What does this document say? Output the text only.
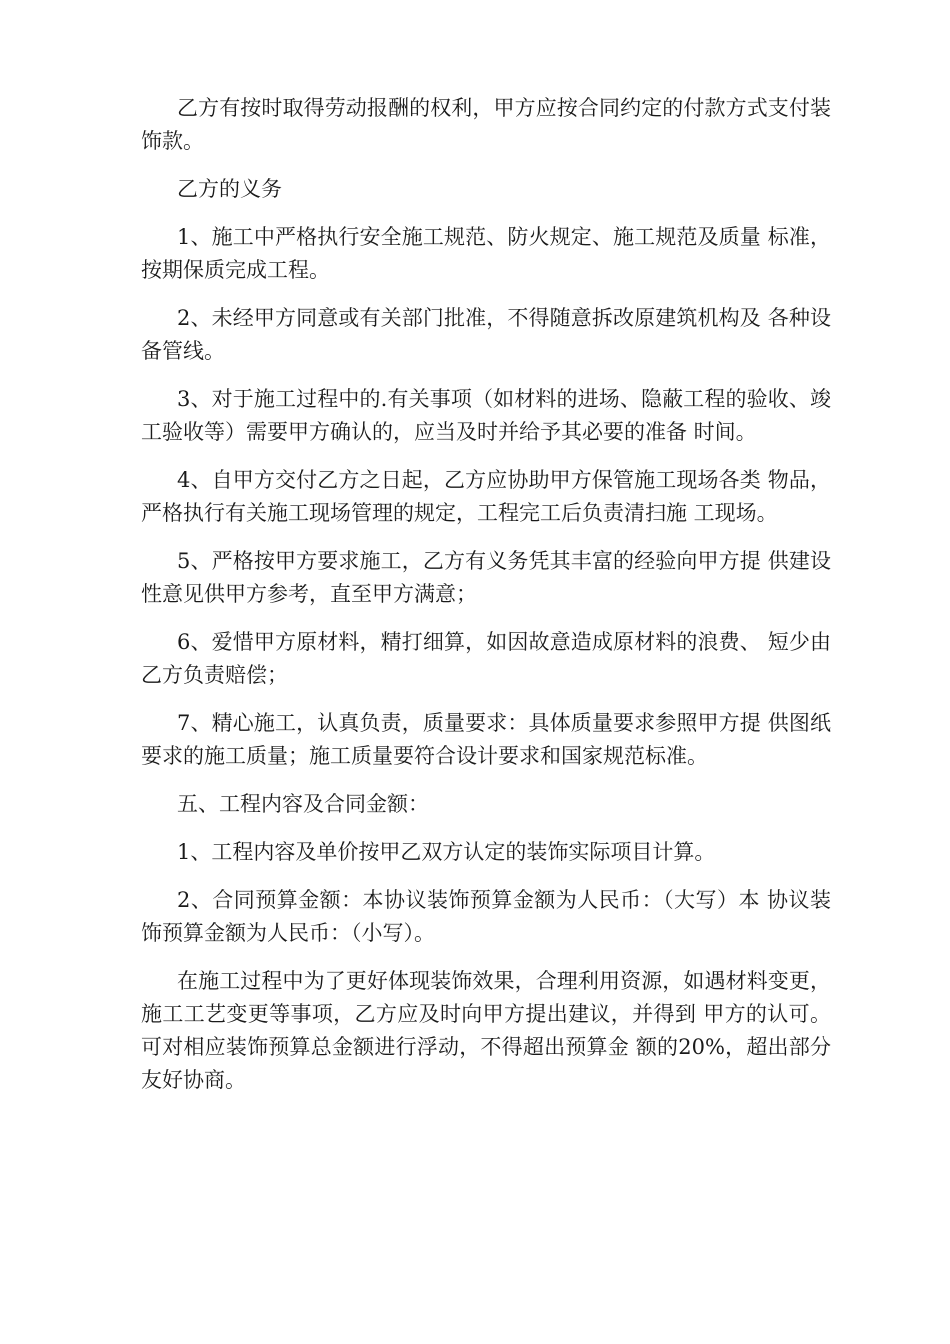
乙方有按时取得劳动报酬的权利，甲方应按合同约定的付款方式支付装饰款。

乙方的义务

1、施工中严格执行安全施工规范、防火规定、施工规范及质量 标准，按期保质完成工程。

2、未经甲方同意或有关部门批准，不得随意拆改原建筑机构及 各种设备管线。

3、对于施工过程中的.有关事项（如材料的进场、隐蔽工程的验收、竣工验收等）需要甲方确认的，应当及时并给予其必要的准备 时间。

4、自甲方交付乙方之日起，乙方应协助甲方保管施工现场各类 物品，严格执行有关施工现场管理的规定，工程完工后负责清扫施 工现场。

5、严格按甲方要求施工，乙方有义务凭其丰富的经验向甲方提 供建设性意见供甲方参考，直至甲方满意；

6、爱惜甲方原材料，精打细算，如因故意造成原材料的浪费、 短少由乙方负责赔偿；

7、精心施工，认真负责，质量要求：具体质量要求参照甲方提 供图纸要求的施工质量；施工质量要符合设计要求和国家规范标准。

五、工程内容及合同金额：

1、工程内容及单价按甲乙双方认定的装饰实际项目计算。

2、合同预算金额：本协议装饰预算金额为人民币：（大写）本 协议装饰预算金额为人民币：（小写）。

在施工过程中为了更好体现装饰效果，合理利用资源，如遇材料变更，施工工艺变更等事项，乙方应及时向甲方提出建议，并得到 甲方的认可。可对相应装饰预算总金额进行浮动，不得超出预算金 额的20%，超出部分友好协商。
